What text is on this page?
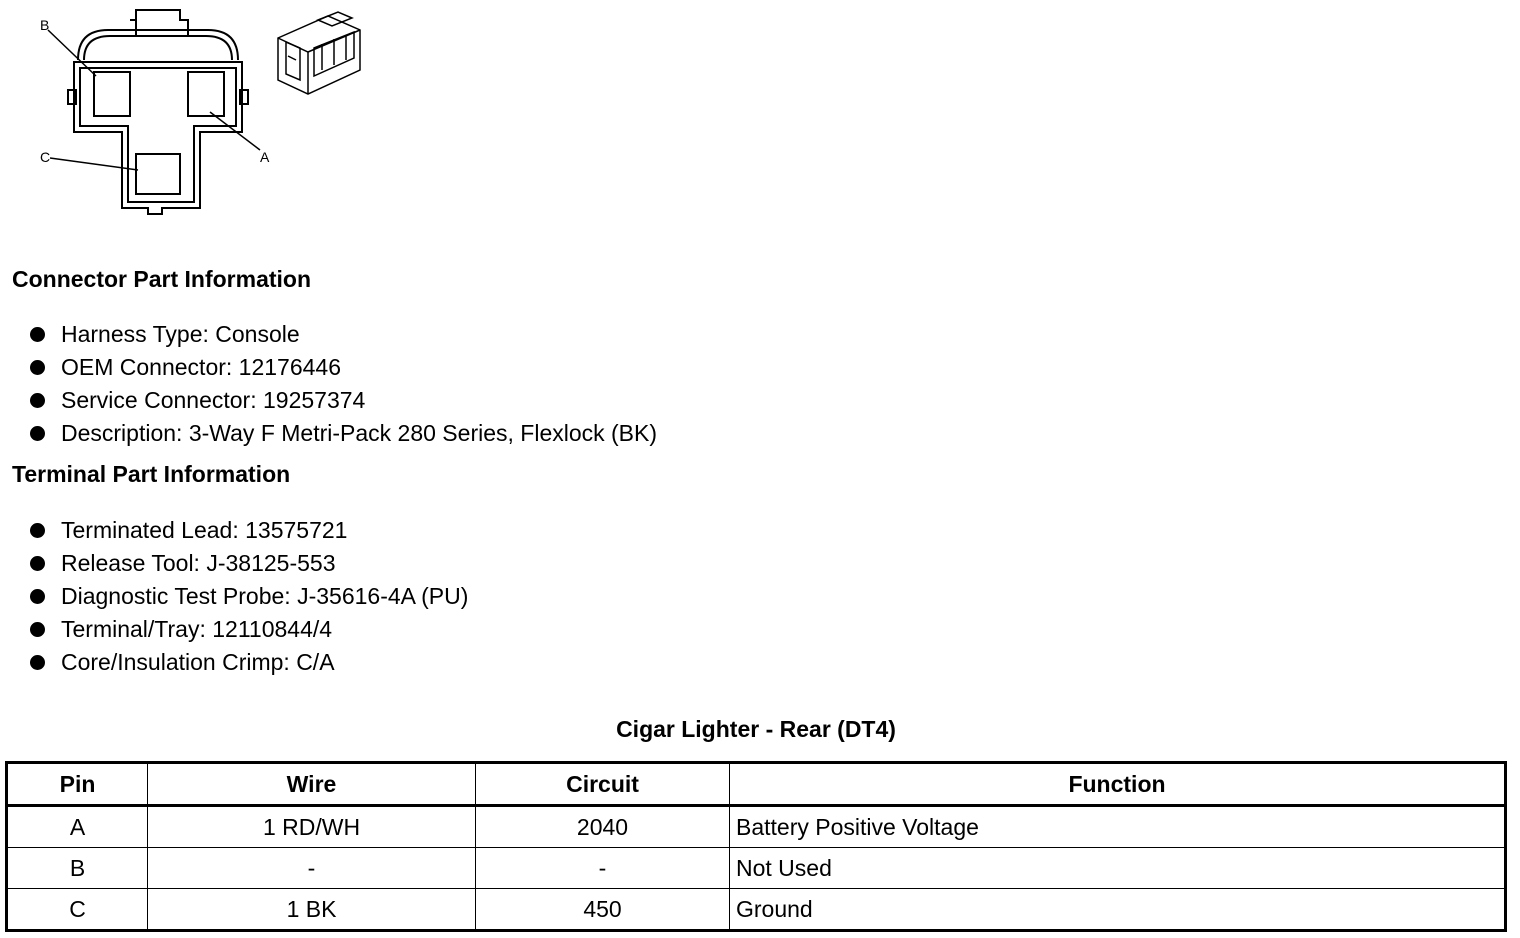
B
A
C
Connector Part Information
Harness Type: Console
OEM Connector: 12176446
Service Connector: 19257374
Description: 3-Way F Metri-Pack 280 Series, Flexlock (BK)
Terminal Part Information
Terminated Lead: 13575721
Release Tool: J-38125-553
Diagnostic Test Probe: J-35616-4A (PU)
Terminal/Tray: 12110844/4
Core/Insulation Crimp: C/A
Cigar Lighter - Rear (DT4)
Pin	Wire	Circuit	Function
A	1 RD/WH	2040	Battery Positive Voltage
B	-	-	Not Used
C	1 BK	450	Ground
